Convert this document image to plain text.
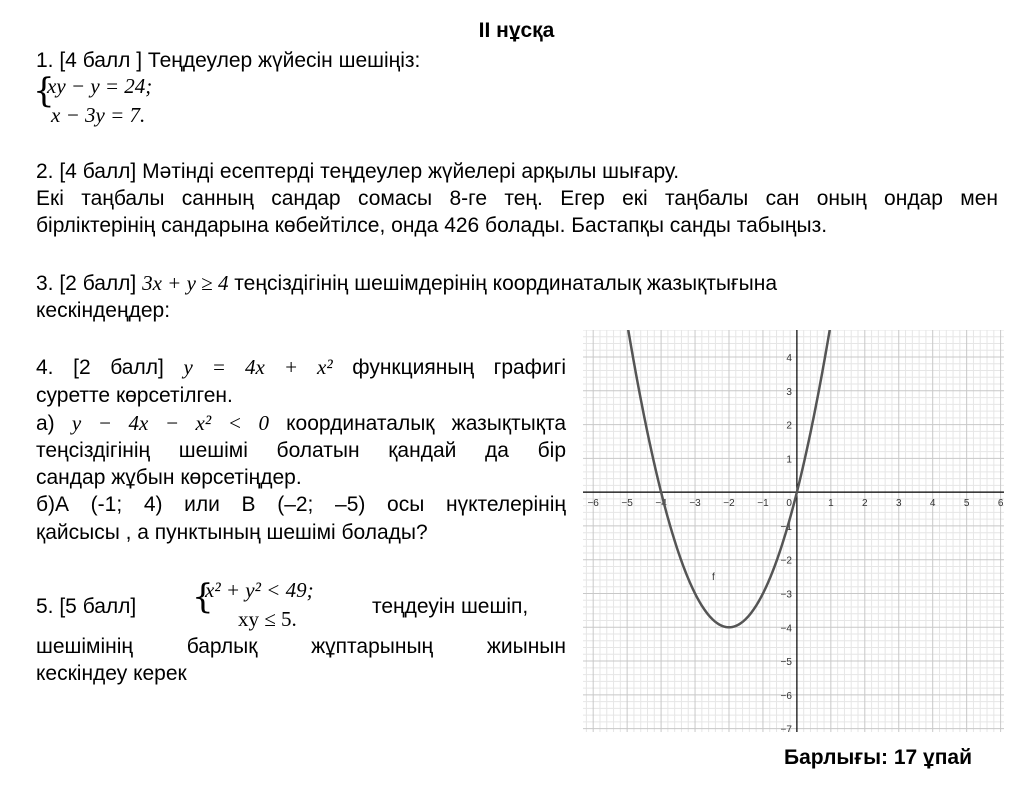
II нұсқа
1. [4 балл ] Теңдеулер жүйесін шешіңіз:
{
xy − y = 24;
x − 3y = 7.
2. [4 балл] Мәтінді есептерді теңдеулер жүйелері арқылы шығару.
Екі таңбалы санның сандар сомасы 8-ге тең. Егер екі таңбалы сан оның ондар мен
бірліктерінің сандарына көбейтілсе, онда 426 болады. Бастапқы санды табыңыз.
3. [2 балл] 3x + y ≥ 4 теңсіздігінің шешімдерінің координаталық жазықтығына
кескіндеңдер:
4. [2 балл] y = 4x + x² функцияның графигі
суретте көрсетілген.
а) y − 4x − x² < 0 координаталық жазықтықта
теңсіздігінің шешімі болатын қандай да бір
сандар жұбын көрсетіңдер.
б)А (-1; 4) или В (–2; –5) осы нүктелерінің
қайсысы , а пунктының шешімі болады?
5. [5 балл] {
x² + y² < 49;
xy ≤ 5.
теңдеуін шешіп,
шешімінің барлық жұптарының жиынын
кескіндеу керек
−6 −5 −4 −3 −2 −1	1	2	3	4	5	6
4
3
2
1
−1
−2
−3
−4
−5
−6
−7
0
f
Барлығы: 17 ұпай
